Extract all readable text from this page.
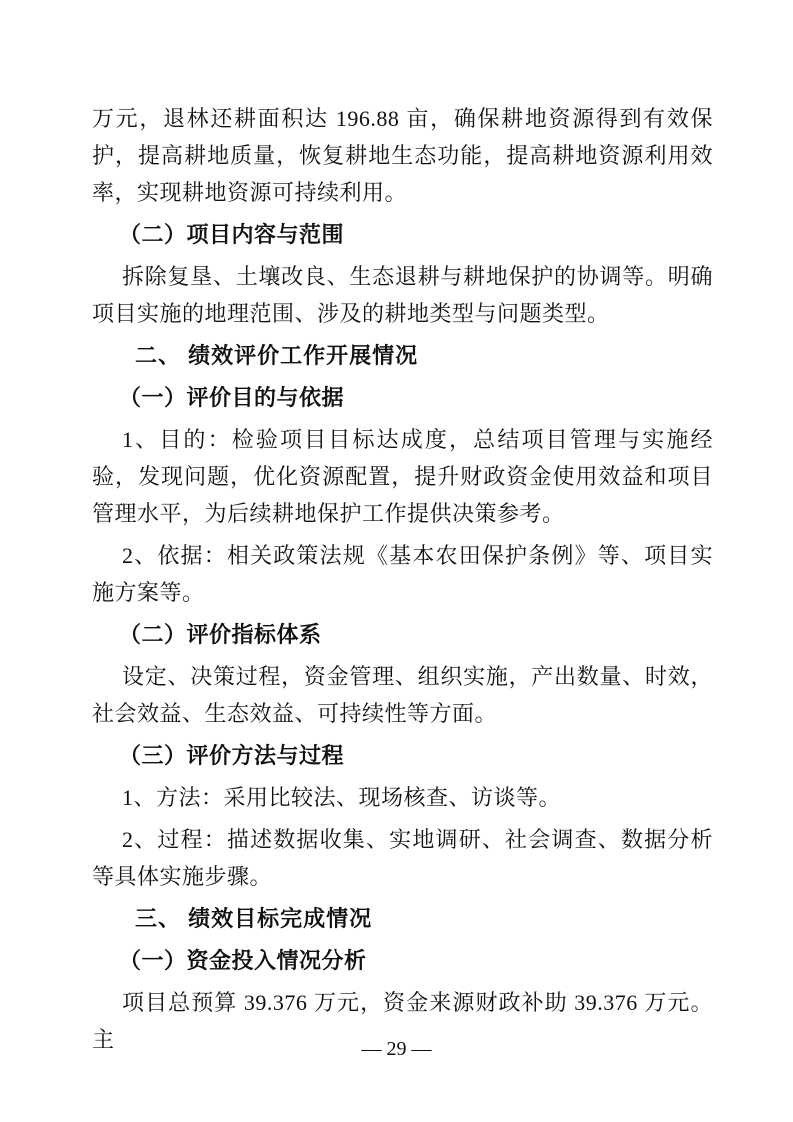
万元，退林还耕面积达 196.88 亩，确保耕地资源得到有效保护，提高耕地质量，恢复耕地生态功能，提高耕地资源利用效率，实现耕地资源可持续利用。

（二）项目内容与范围

拆除复垦、土壤改良、生态退耕与耕地保护的协调等。明确项目实施的地理范围、涉及的耕地类型与问题类型。

二、 绩效评价工作开展情况

（一）评价目的与依据

1、目的：检验项目目标达成度，总结项目管理与实施经验，发现问题，优化资源配置，提升财政资金使用效益和项目管理水平，为后续耕地保护工作提供决策参考。

2、依据：相关政策法规《基本农田保护条例》等、项目实施方案等。

（二）评价指标体系

设定、决策过程，资金管理、组织实施，产出数量、时效，社会效益、生态效益、可持续性等方面。

（三）评价方法与过程

1、方法：采用比较法、现场核查、访谈等。

2、过程：描述数据收集、实地调研、社会调查、数据分析等具体实施步骤。

三、 绩效目标完成情况

（一）资金投入情况分析

项目总预算 39.376 万元，资金来源财政补助 39.376 万元。主	— 29 —
